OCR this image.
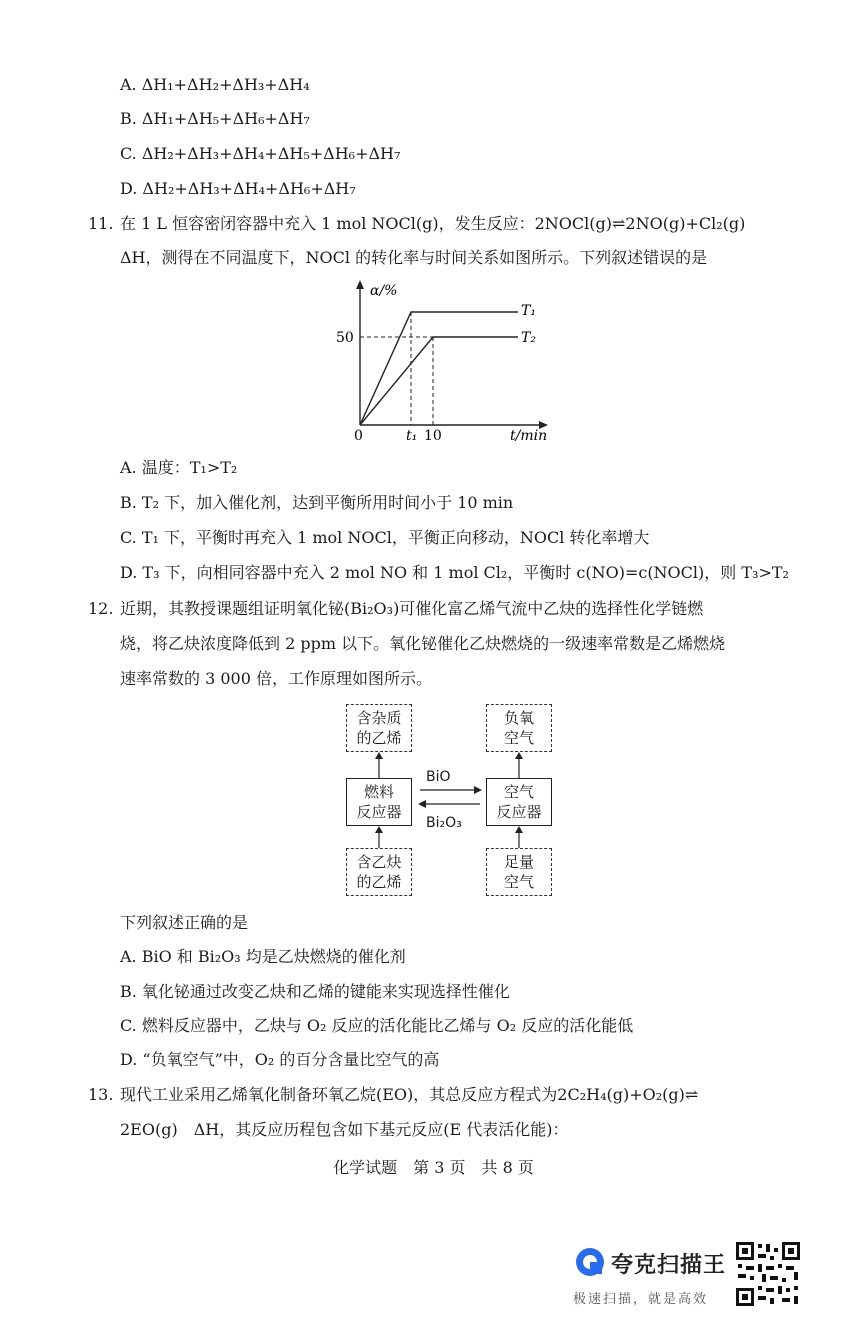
A. ΔH₁+ΔH₂+ΔH₃+ΔH₄
B. ΔH₁+ΔH₅+ΔH₆+ΔH₇
C. ΔH₂+ΔH₃+ΔH₄+ΔH₅+ΔH₆+ΔH₇
D. ΔH₂+ΔH₃+ΔH₄+ΔH₆+ΔH₇
11. 在 1 L 恒容密闭容器中充入 1 mol NOCl(g)，发生反应：2NOCl(g)⇌2NO(g)+Cl₂(g)
ΔH，测得在不同温度下，NOCl 的转化率与时间关系如图所示。下列叙述错误的是
α/%
T₁
T₂
50
0	t₁ 10	t/min
A. 温度：T₁>T₂
B. T₂ 下，加入催化剂，达到平衡所用时间小于 10 min
C. T₁ 下，平衡时再充入 1 mol NOCl，平衡正向移动，NOCl 转化率增大
D. T₃ 下，向相同容器中充入 2 mol NO 和 1 mol Cl₂，平衡时 c(NO)=c(NOCl)，则 T₃>T₂
12. 近期，其教授课题组证明氧化铋(Bi₂O₃)可催化富乙烯气流中乙炔的选择性化学链燃
烧，将乙炔浓度降低到 2 ppm 以下。氧化铋催化乙炔燃烧的一级速率常数是乙烯燃烧
速率常数的 3 000 倍，工作原理如图所示。
含杂质
的乙烯
负氧
空气
燃料
反应器
空气
反应器
含乙炔
的乙烯
足量
空气
BiO
Bi₂O₃
下列叙述正确的是
A. BiO 和 Bi₂O₃ 均是乙炔燃烧的催化剂
B. 氧化铋通过改变乙炔和乙烯的键能来实现选择性催化
C. 燃料反应器中，乙炔与 O₂ 反应的活化能比乙烯与 O₂ 反应的活化能低
D. “负氧空气”中，O₂ 的百分含量比空气的高
13. 现代工业采用乙烯氧化制备环氧乙烷(EO)，其总反应方程式为2C₂H₄(g)+O₂(g)⇌
2EO(g)　ΔH，其反应历程包含如下基元反应(E 代表活化能)：
化学试题　第 3 页　共 8 页
夸克扫描王
极速扫描，就是高效
